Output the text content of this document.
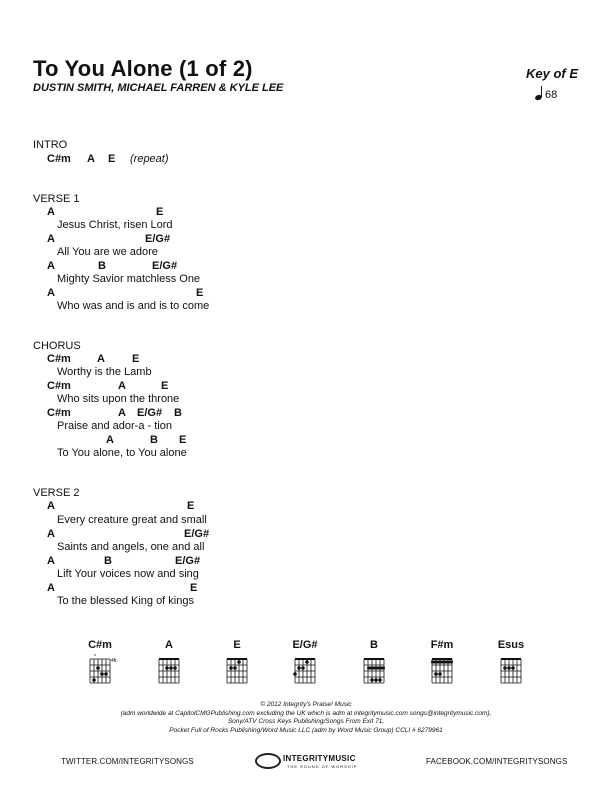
To You Alone (1 of 2)
DUSTIN SMITH, MICHAEL FARREN & KYLE LEE
Key of E
68
INTRO
C#m A E (repeat)
VERSE 1
A	E
Jesus Christ, risen Lord
A	E/G#
All You are we adore
A	B	E/G#
Mighty Savior matchless One
A	E
Who was and is and is to come
CHORUS
C#m A E
Worthy is the Lamb
C#m	A	E
Who sits upon the throne
C#m	A E/G# B
Praise and ador-a - tion
A	B E
To You alone, to You alone
VERSE 2
A	E
Every creature great and small
A	E/G#
Saints and angels, one and all
A	B	E/G#
Lift Your voices now and sing
A	E
To the blessed King of kings
C#m
x
4fr.
A	E	E/G#	B	F#m	Esus
© 2012 Integrity's Praise! Music
(adm worldwide at CapitolCMGPublishing.com excluding the UK which is adm at integritymusic.com songs@integritymusic.com),
Sony/ATV Cross Keys Publishing/Songs From Exit 71,
Pocket Full of Rocks Publishing/Word Music LLC (adm by Word Music Group) CCLI # 6279961
TWITTER.COM/INTEGRITYSONGS	INTEGRITYMUSIC
THE SOUND OF WORSHIP
FACEBOOK.COM/INTEGRITYSONGS
